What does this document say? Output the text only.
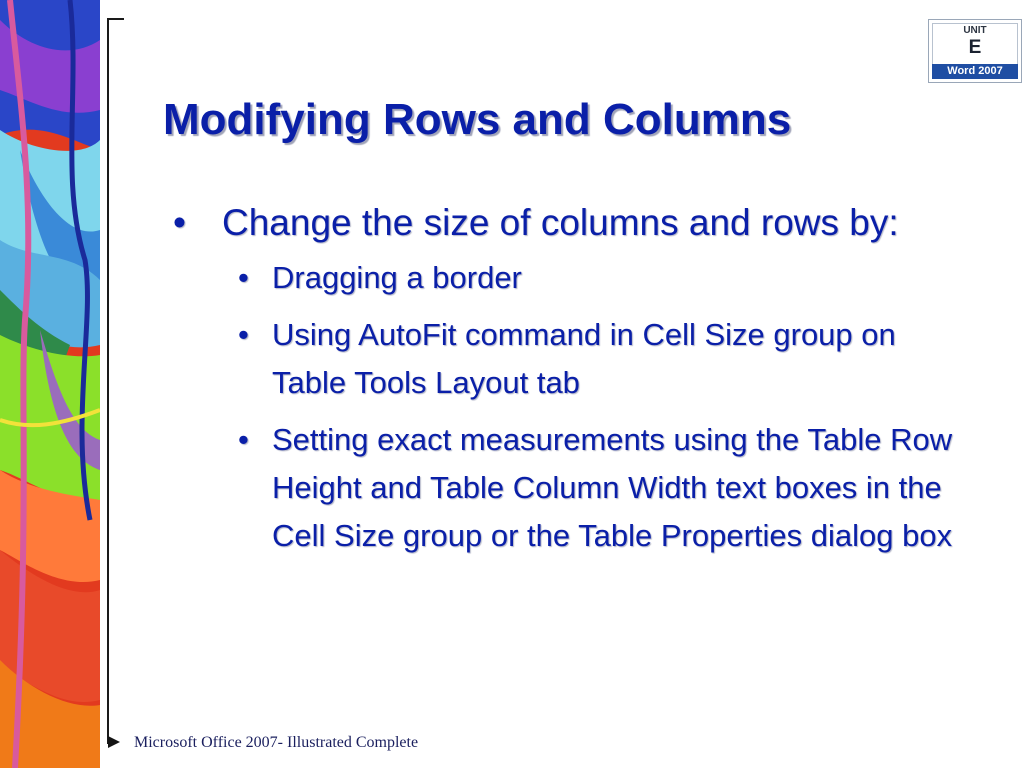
UNIT
E
Word 2007
Modifying Rows and Columns

• Change the size of columns and rows by:

• Dragging a border

• Using AutoFit command in Cell Size group on Table Tools Layout tab

• Setting exact measurements using the Table Row Height and Table Column Width text boxes in the Cell Size group or the Table Properties dialog box

Microsoft Office 2007- Illustrated Complete
